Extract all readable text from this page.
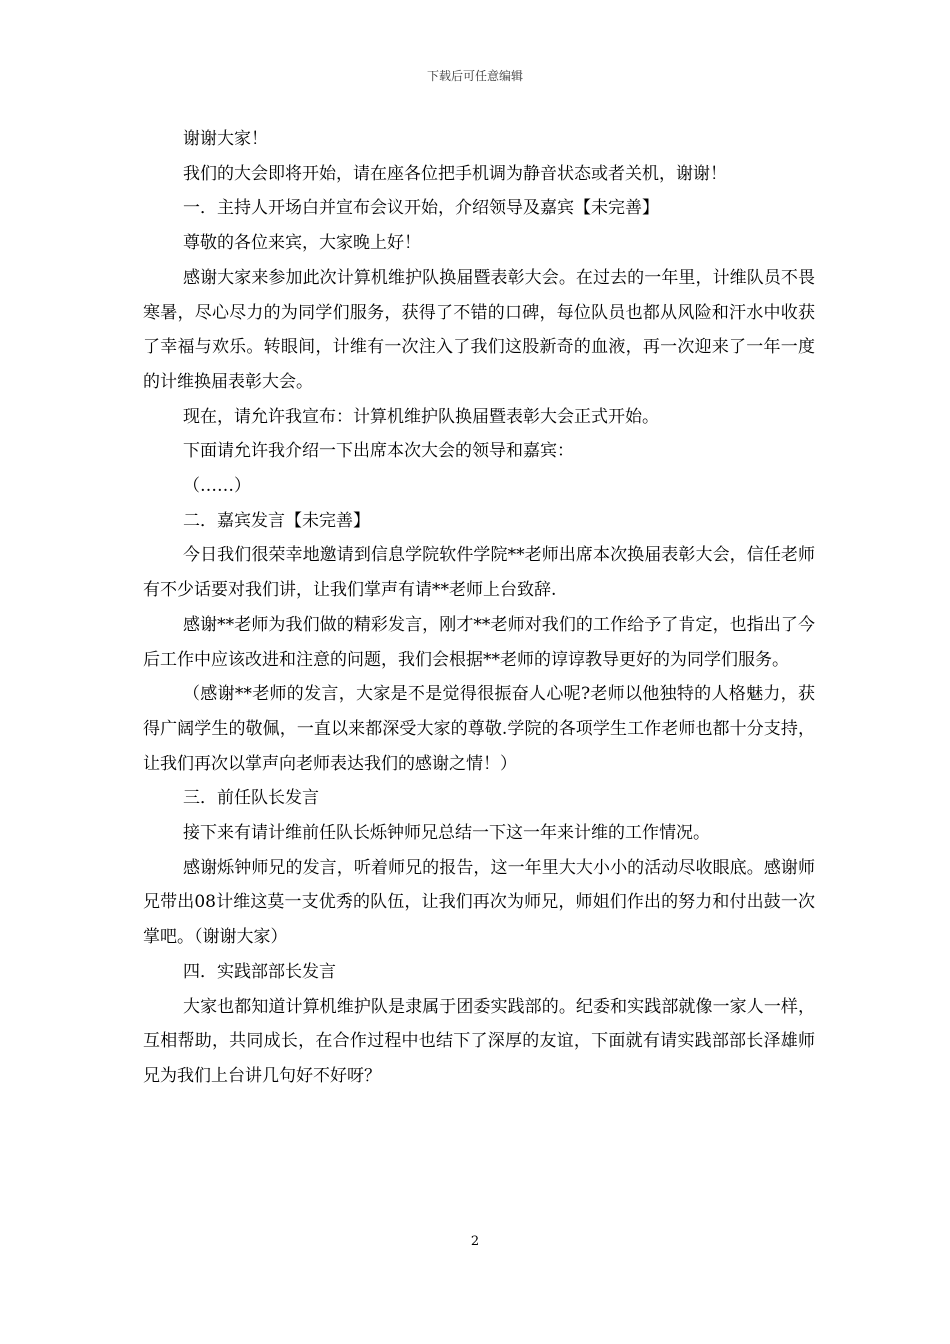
下载后可任意编辑

谢谢大家！

我们的大会即将开始，请在座各位把手机调为静音状态或者关机，谢谢！

一．主持人开场白并宣布会议开始，介绍领导及嘉宾【未完善】

尊敬的各位来宾，大家晚上好！

感谢大家来参加此次计算机维护队换届暨表彰大会。在过去的一年里，计维队员不畏寒暑，尽心尽力的为同学们服务，获得了不错的口碑，每位队员也都从风险和汗水中收获了幸福与欢乐。转眼间，计维有一次注入了我们这股新奇的血液，再一次迎来了一年一度的计维换届表彰大会。

现在，请允许我宣布：计算机维护队换届暨表彰大会正式开始。

下面请允许我介绍一下出席本次大会的领导和嘉宾：

（……）

二．嘉宾发言【未完善】

今日我们很荣幸地邀请到信息学院软件学院**老师出席本次换届表彰大会，信任老师有不少话要对我们讲，让我们掌声有请**老师上台致辞.

感谢**老师为我们做的精彩发言，刚才**老师对我们的工作给予了肯定，也指出了今后工作中应该改进和注意的问题，我们会根据**老师的谆谆教导更好的为同学们服务。

（感谢**老师的发言，大家是不是觉得很振奋人心呢?老师以他独特的人格魅力，获得广阔学生的敬佩，一直以来都深受大家的尊敬.学院的各项学生工作老师也都十分支持，让我们再次以掌声向老师表达我们的感谢之情！）

三．前任队长发言

接下来有请计维前任队长烁钟师兄总结一下这一年来计维的工作情况。

感谢烁钟师兄的发言，听着师兄的报告，这一年里大大小小的活动尽收眼底。感谢师兄带出08计维这莫一支优秀的队伍，让我们再次为师兄，师姐们作出的努力和付出鼓一次掌吧。（谢谢大家）

四．实践部部长发言

大家也都知道计算机维护队是隶属于团委实践部的。纪委和实践部就像一家人一样，互相帮助，共同成长，在合作过程中也结下了深厚的友谊，下面就有请实践部部长泽雄师兄为我们上台讲几句好不好呀？

2
